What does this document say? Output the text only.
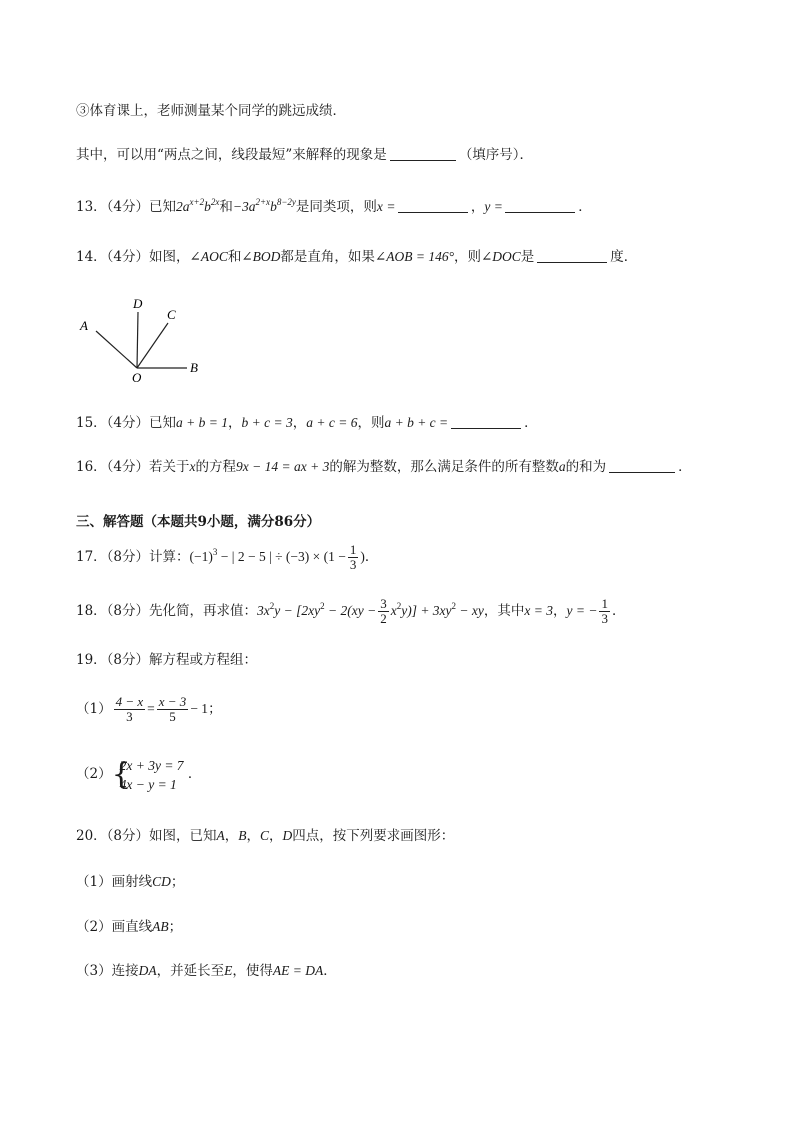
③体育课上，老师测量某个同学的跳远成绩．
其中，可以用“两点之间，线段最短”来解释的现象是	（填序号）．
13．（4分）已知$2a^{x+2}b^{2x}$和$-3a^{2+x}b^{8-2y}$是同类项，则x =	，y =	．
14．（4分）如图，∠AOC和∠BOD都是直角，如果∠AOB = 146°，则∠DOC是	度．
D
C
A
B
O
15．（4分）已知a + b = 1，b + c = 3，a + c = 6，则a + b + c =	．
16．（4分）若关于x的方程9x − 14 = ax + 3的解为整数，那么满足条件的所有整数a的和为	．
三、解答题（本题共9小题，满分86分）
17．（8分）计算：$(-1)^3$ − | 2 − 5 | ÷ $(-3) \times (1 - \frac{1}{3}$ )．
18．（8分）先化简，再求值：$3x^2y - [2xy^2 - 2(xy - \frac{3}{2} x^2y)] + 3xy^2$ − xy，其中x = 3，y = − $\frac{1}{3}$ ．
19．（8分）解方程或方程组：
$(1) \frac{4 - x}{3} = \frac{x - 3}{5} - 1$；
（2） {
2x + 3y = 7
4x − y = 1
．
20．（8分）如图，已知A，B，C，D四点，按下列要求画图形：
（1）画射线CD；
（2）画直线AB；
（3）连接DA，并延长至E，使得AE = DA．
